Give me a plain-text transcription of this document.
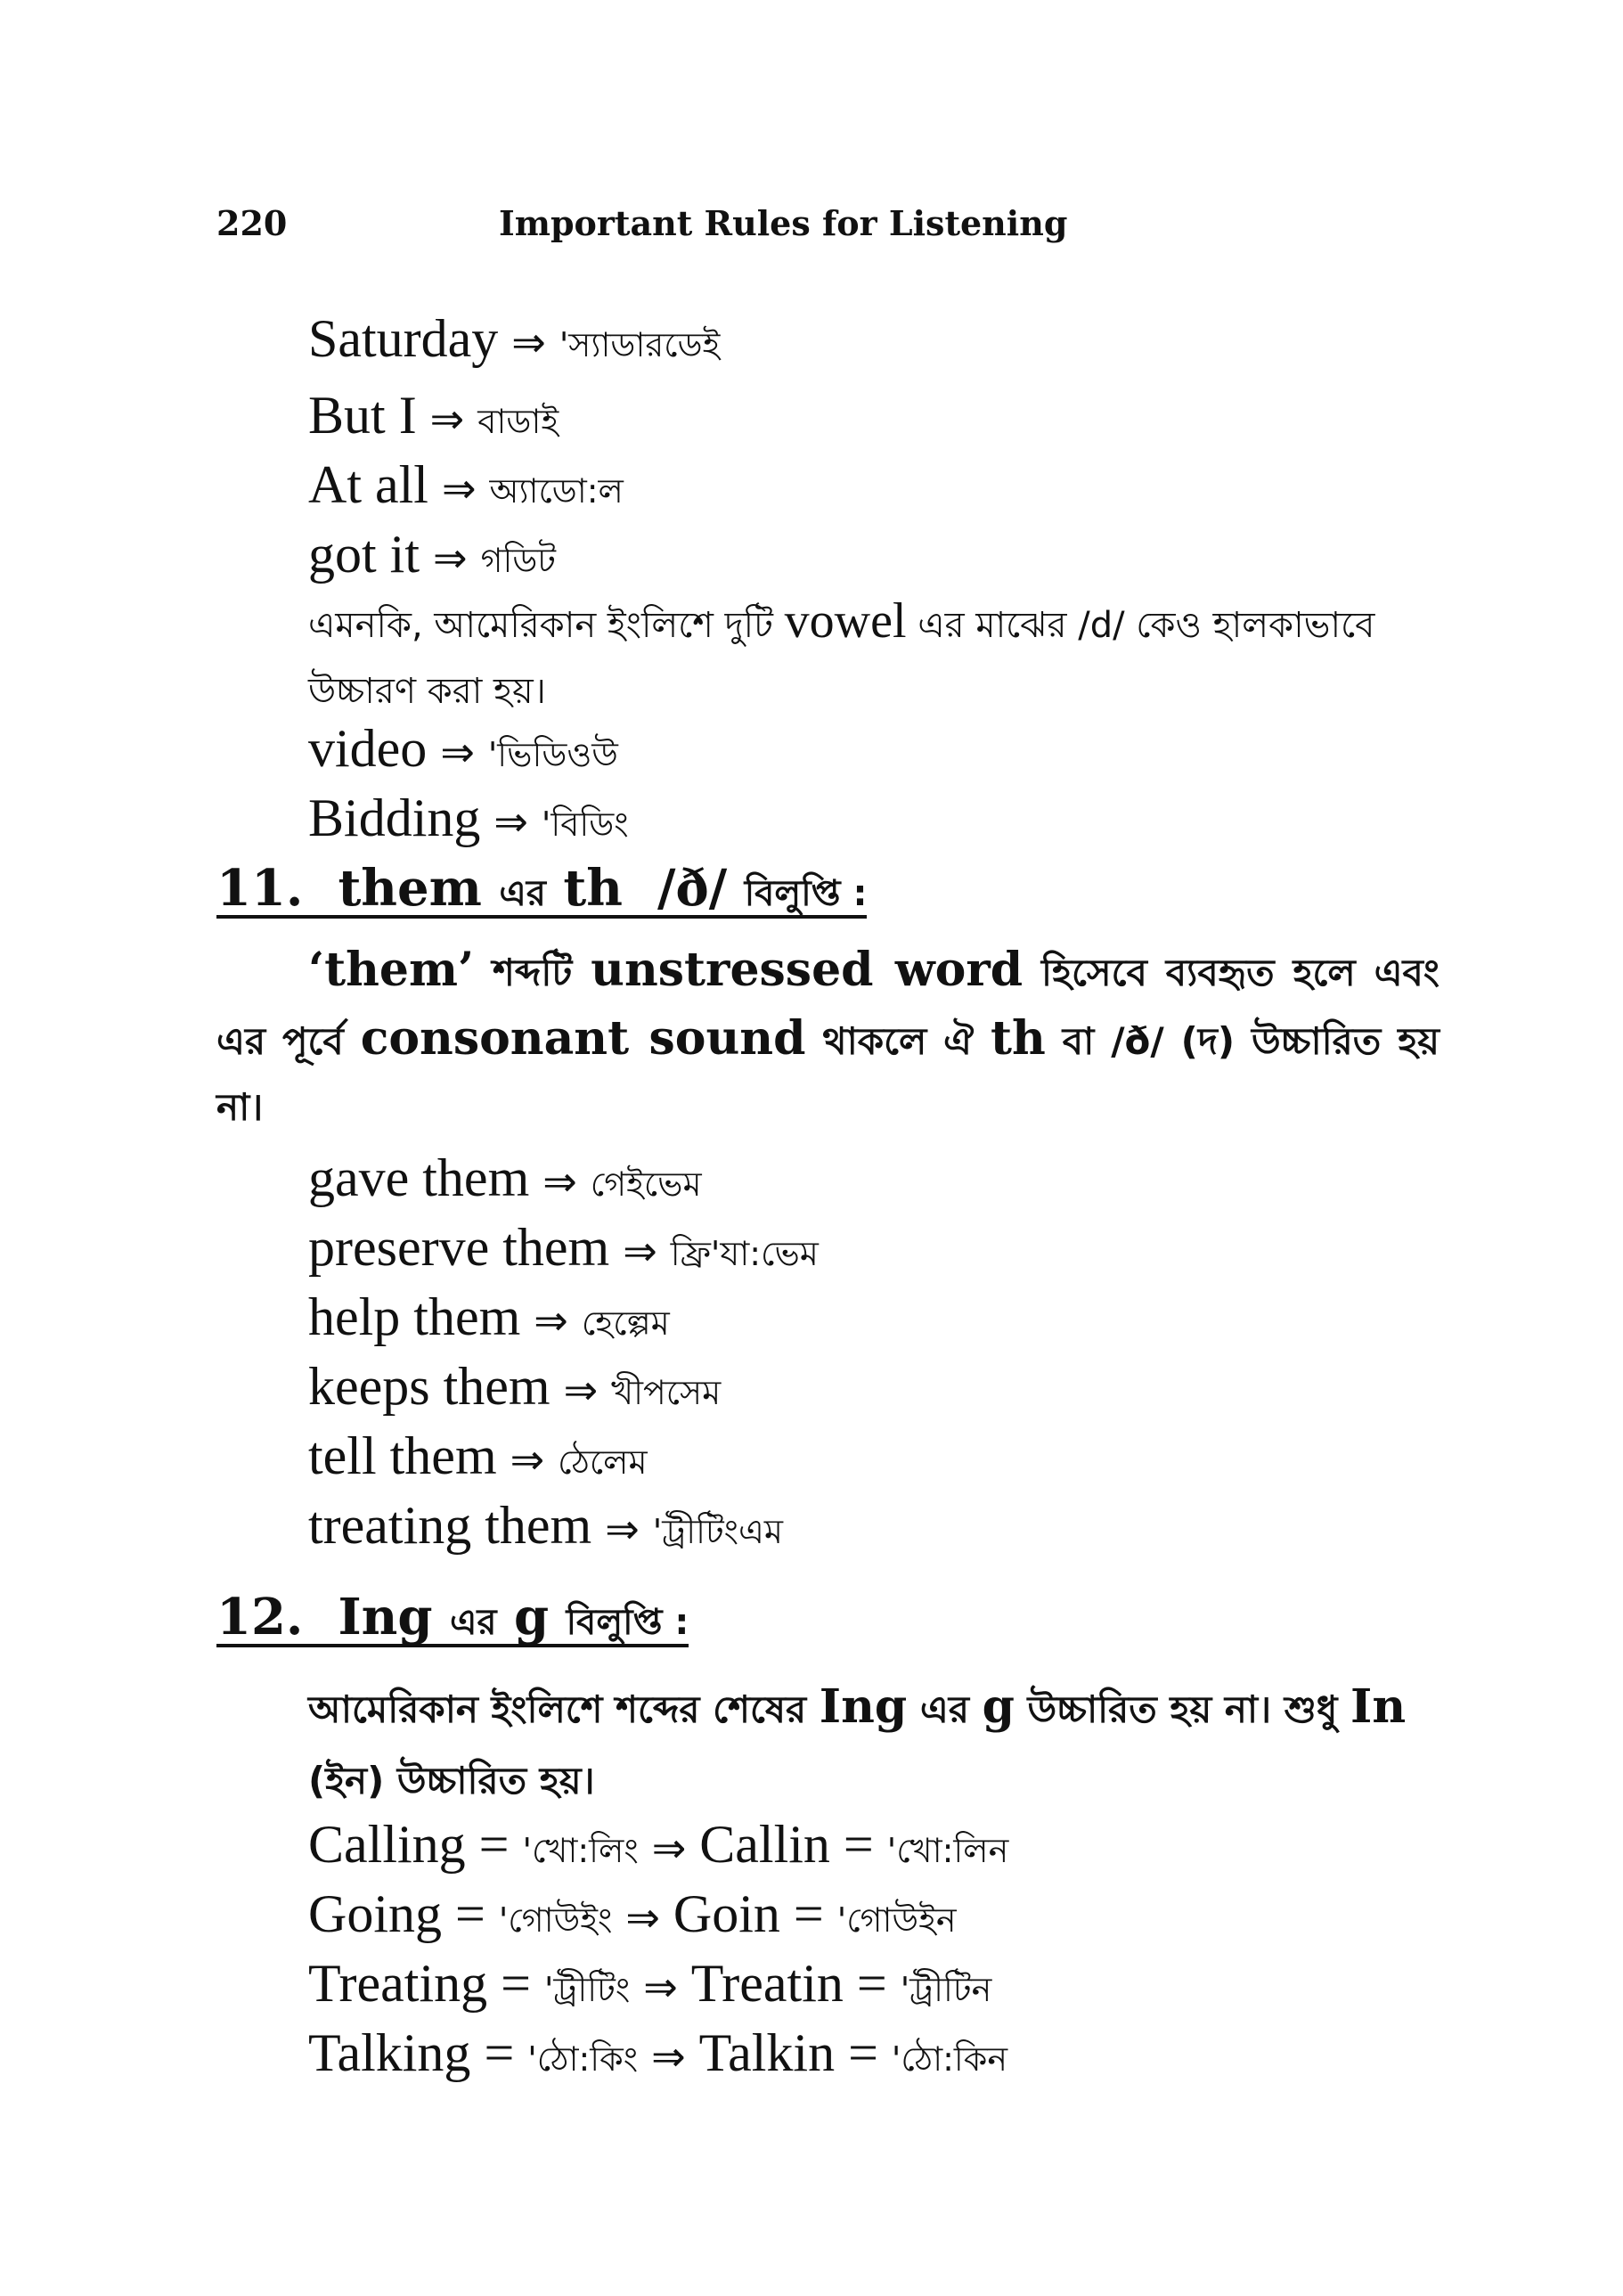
220	Important Rules for Listening
Saturday ⇒ 'স্যাডারডেই
But I ⇒ বাডাই
At all ⇒ অ্যাডো:ল
got it ⇒ গডিট
এমনকি, আমেরিকান ইংলিশে দুটি vowel এর মাঝের /d/ কেও হালকাভাবে উচ্চারণ করা হয়।
video ⇒ 'ভিডিওউ
Bidding ⇒ 'বিডিং
11. them এর th /ð/ বিলুপ্তি :
‘them’ শব্দটি unstressed word হিসেবে ব্যবহৃত হলে এবং এর পূর্বে consonant sound থাকলে ঐ th বা /ð/ (দ) উচ্চারিত হয় না।
gave them ⇒ গেইভেম
preserve them ⇒ ফ্রি'যা:ভেম
help them ⇒ হেল্পেম
keeps them ⇒ খীপসেম
tell them ⇒ ঠেলেম
treating them ⇒ 'ট্রীটিংএম
12. Ing এর g বিলুপ্তি :
আমেরিকান ইংলিশে শব্দের শেষের Ing এর g উচ্চারিত হয় না। শুধু In (ইন) উচ্চারিত হয়।
Calling = 'খো:লিং ⇒ Callin = 'খো:লিন
Going = 'গোউইং ⇒ Goin = 'গোউইন
Treating = 'ট্রীটিং ⇒ Treatin = 'ট্রীটিন
Talking = 'ঠো:কিং ⇒ Talkin = 'ঠো:কিন
